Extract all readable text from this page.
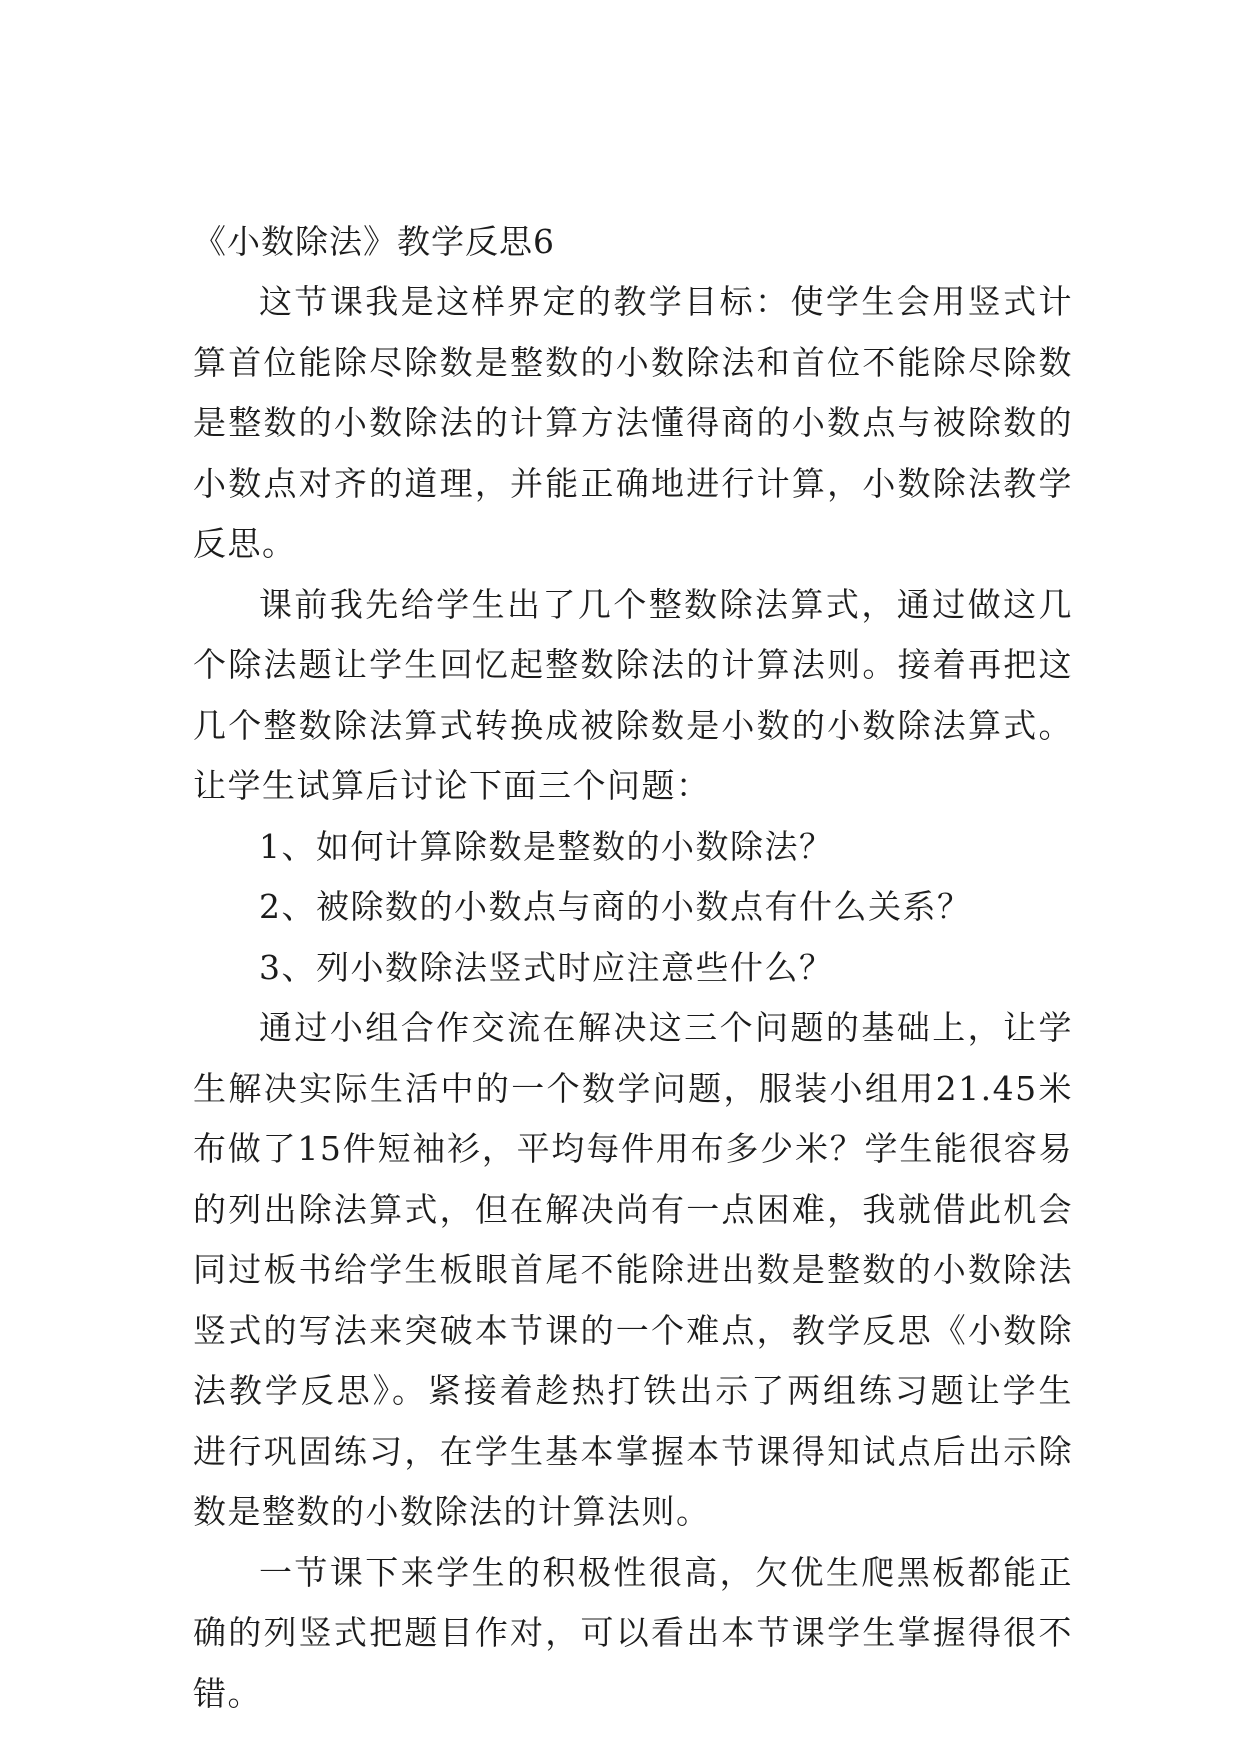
《小数除法》教学反思6

这节课我是这样界定的教学目标：使学生会用竖式计算首位能除尽除数是整数的小数除法和首位不能除尽除数是整数的小数除法的计算方法懂得商的小数点与被除数的小数点对齐的道理，并能正确地进行计算，小数除法教学反思。

课前我先给学生出了几个整数除法算式，通过做这几个除法题让学生回忆起整数除法的计算法则。接着再把这几个整数除法算式转换成被除数是小数的小数除法算式。让学生试算后讨论下面三个问题：

1、如何计算除数是整数的小数除法？

2、被除数的小数点与商的小数点有什么关系？

3、列小数除法竖式时应注意些什么？

通过小组合作交流在解决这三个问题的基础上，让学生解决实际生活中的一个数学问题，服装小组用21.45米布做了15件短袖衫，平均每件用布多少米？学生能很容易的列出除法算式，但在解决尚有一点困难，我就借此机会同过板书给学生板眼首尾不能除进出数是整数的小数除法竖式的写法来突破本节课的一个难点，教学反思《小数除法教学反思》。紧接着趁热打铁出示了两组练习题让学生进行巩固练习，在学生基本掌握本节课得知试点后出示除数是整数的小数除法的计算法则。

一节课下来学生的积极性很高，欠优生爬黑板都能正确的列竖式把题目作对，可以看出本节课学生掌握得很不错。
